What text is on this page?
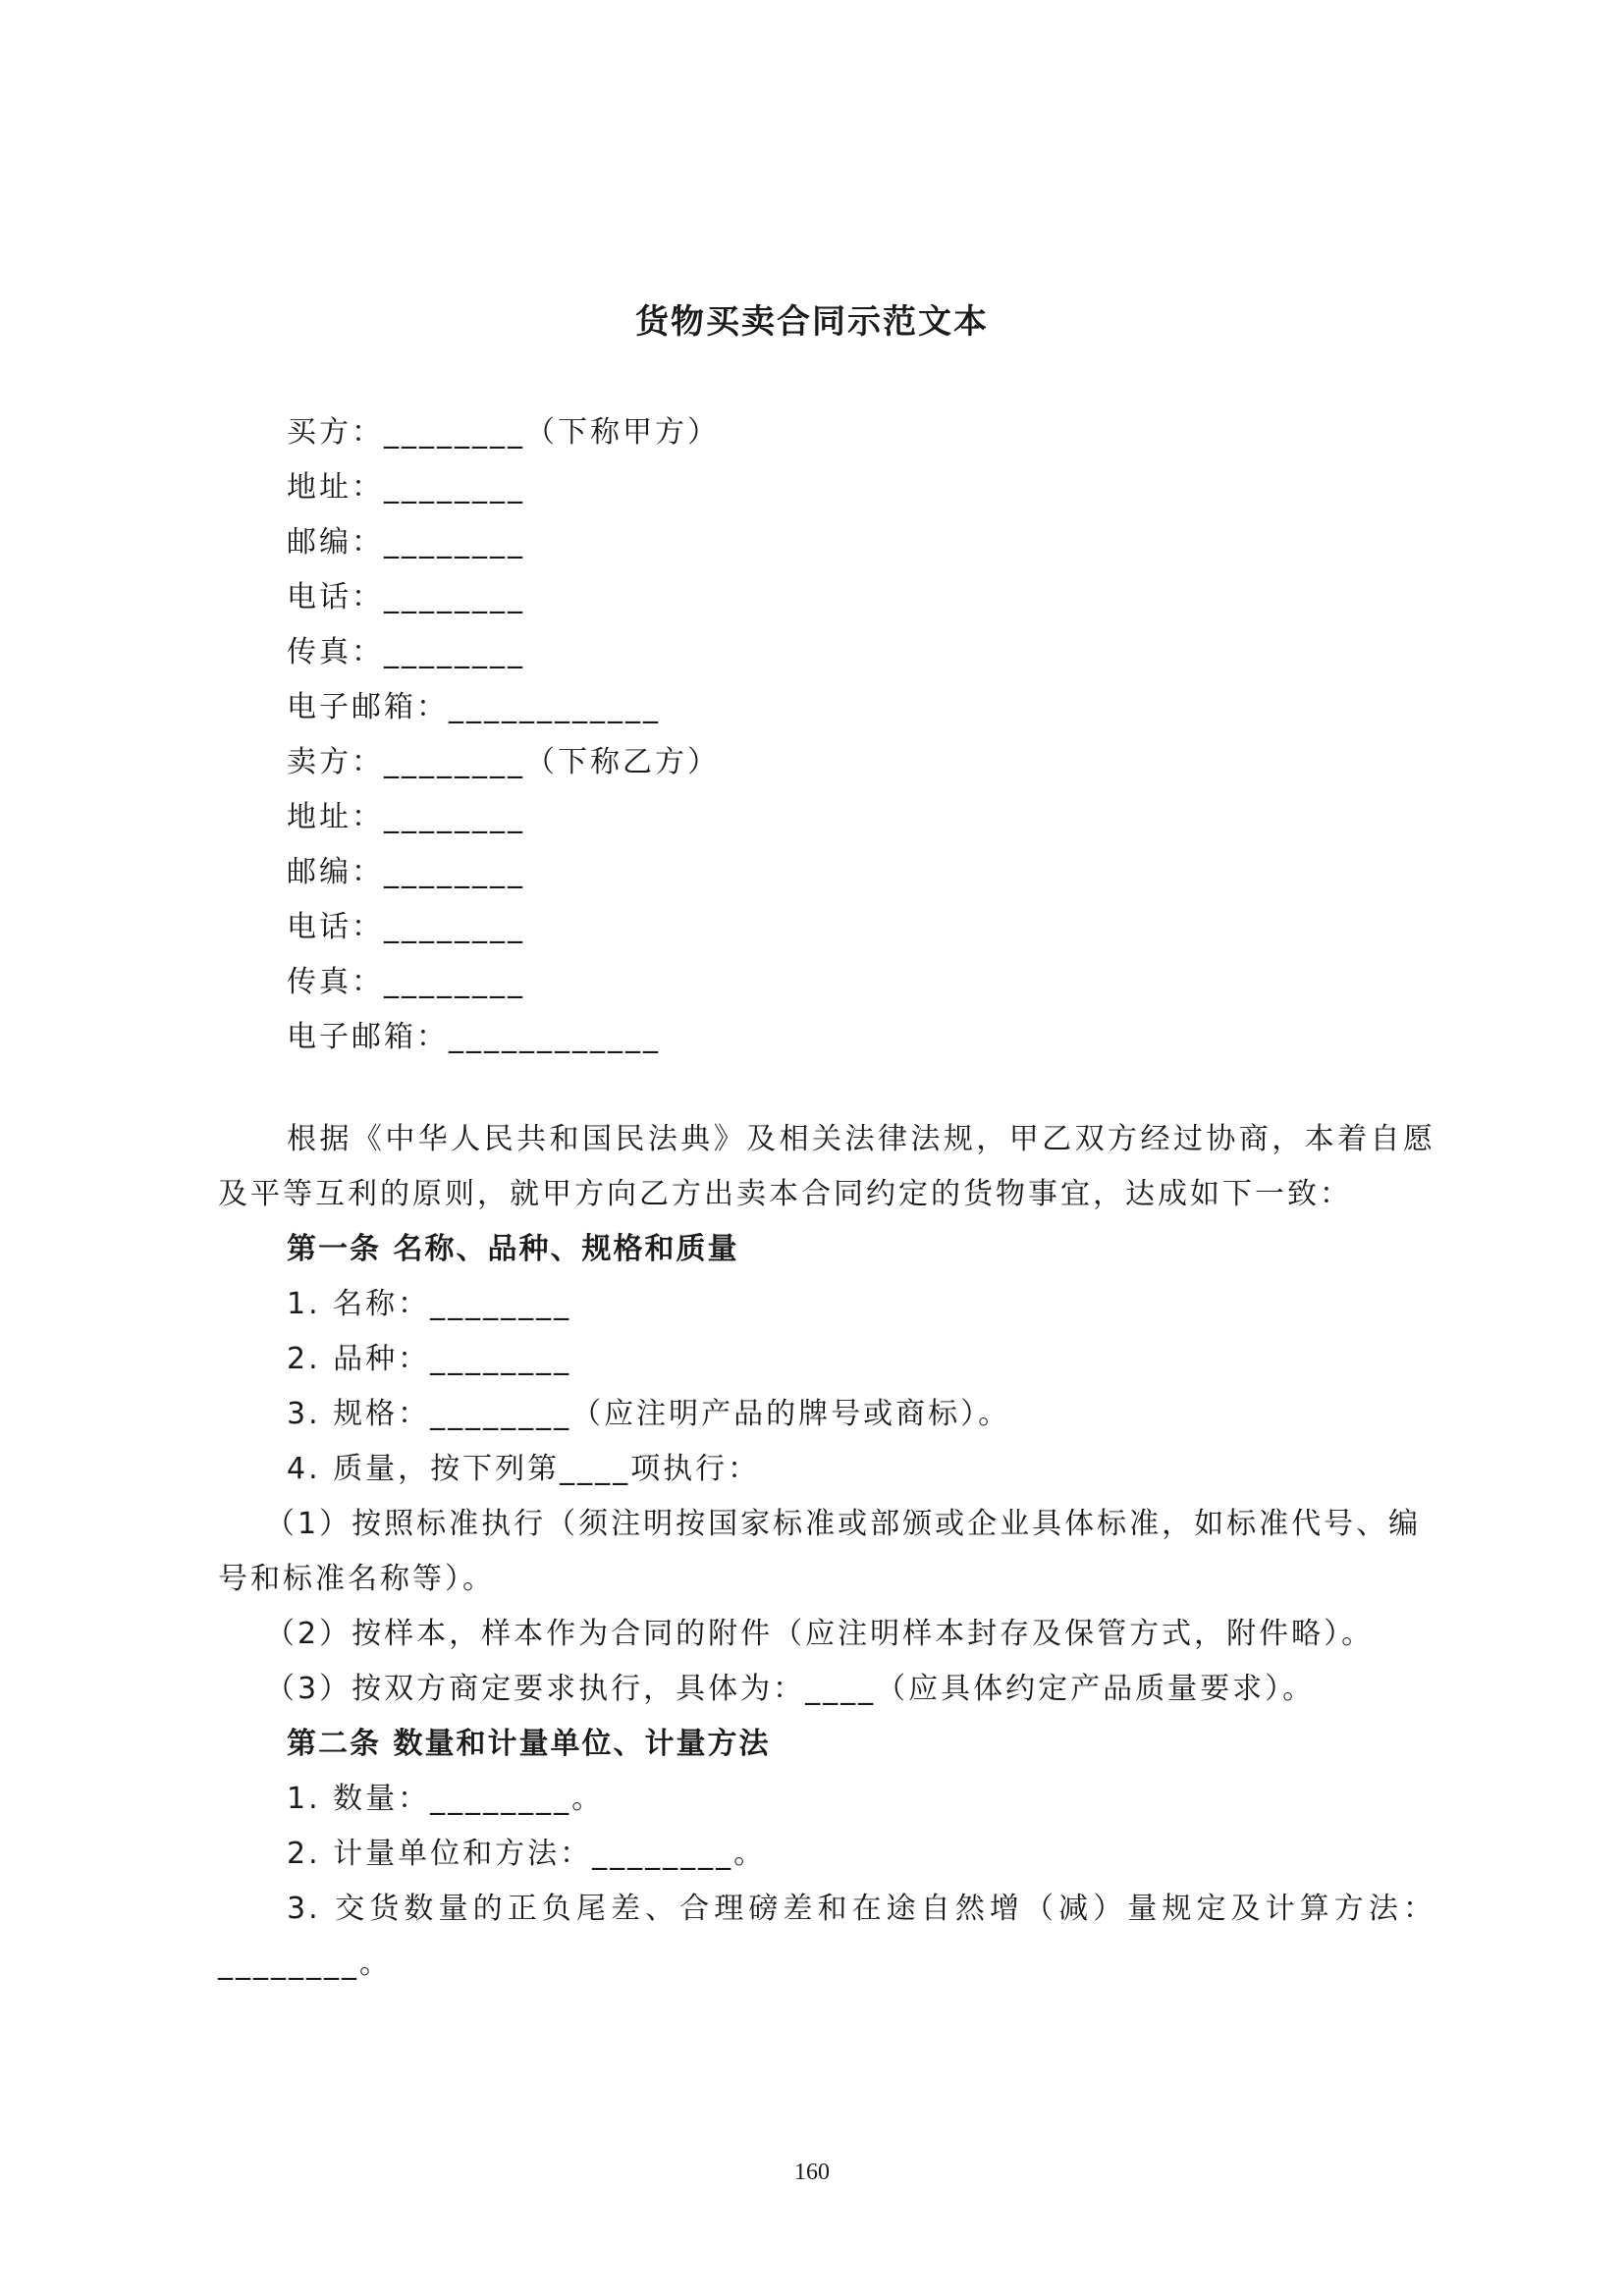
货物买卖合同示范文本
买方：________（下称甲方）
地址：________
邮编：________
电话：________
传真：________
电子邮箱：____________
卖方：________（下称乙方）
地址：________
邮编：________
电话：________
传真：________
电子邮箱：____________
根据《中华人民共和国民法典》及相关法律法规，甲乙双方经过协商，本着自愿及平等互利的原则，就甲方向乙方出卖本合同约定的货物事宜，达成如下一致：
第一条 名称、品种、规格和质量
1. 名称：________
2. 品种：________
3. 规格：________（应注明产品的牌号或商标）。
4. 质量，按下列第____项执行：
（1）按照标准执行（须注明按国家标准或部颁或企业具体标准，如标准代号、编号和标准名称等）。
（2）按样本，样本作为合同的附件（应注明样本封存及保管方式，附件略）。
（3）按双方商定要求执行，具体为：____（应具体约定产品质量要求）。
第二条 数量和计量单位、计量方法
1. 数量：________。
2. 计量单位和方法：________。
3. 交货数量的正负尾差、合理磅差和在途自然增（减）量规定及计算方法：________。
160
